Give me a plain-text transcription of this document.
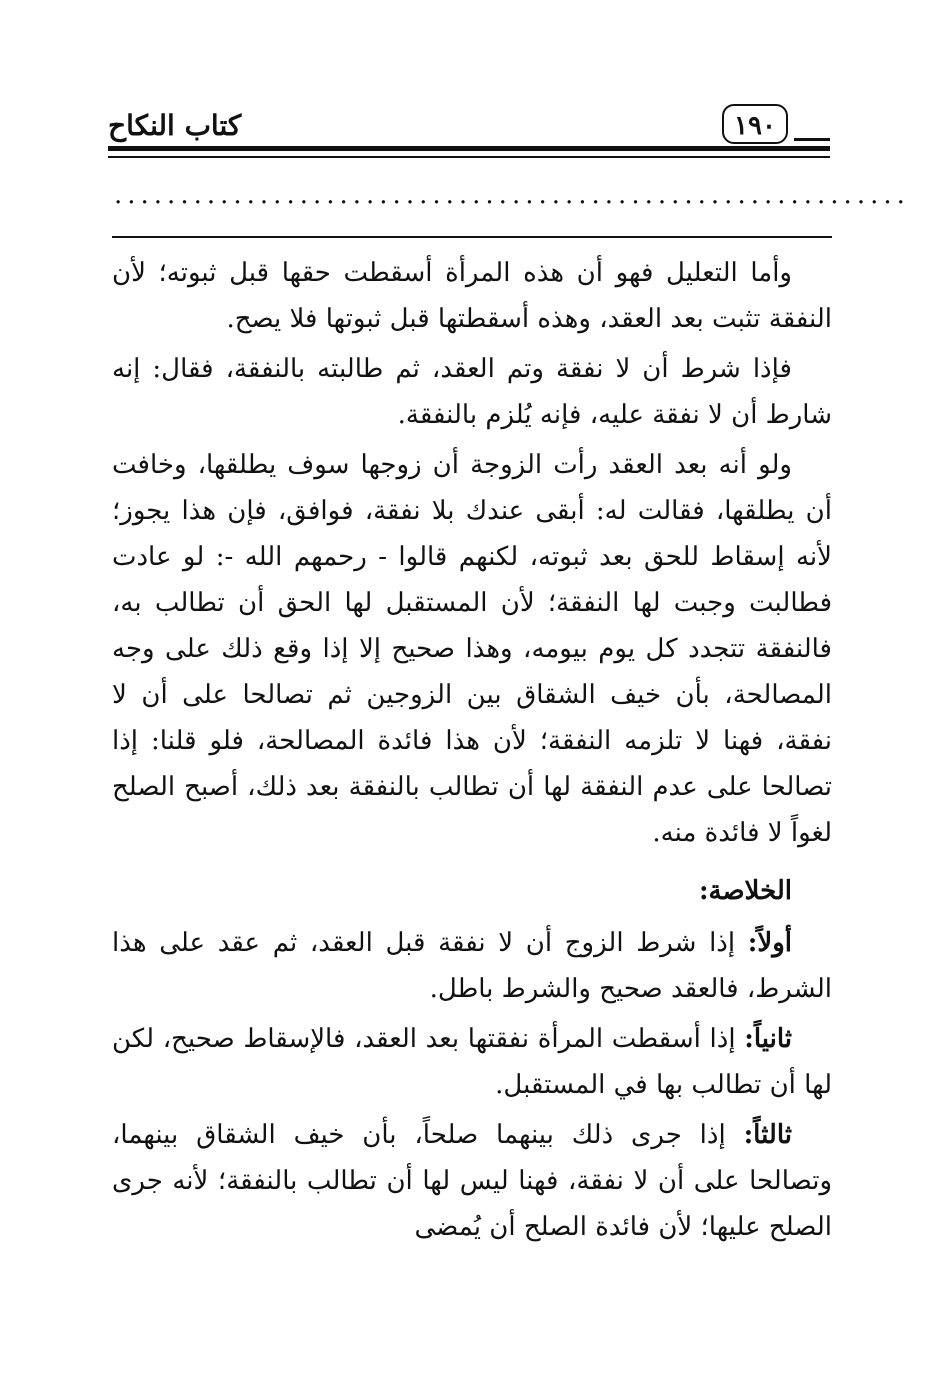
كتاب النكاح	١٩٠
............................................................

وأما التعليل فهو أن هذه المرأة أسقطت حقها قبل ثبوته؛ لأن النفقة تثبت بعد العقد، وهذه أسقطتها قبل ثبوتها فلا يصح.

فإذا شرط أن لا نفقة وتم العقد، ثم طالبته بالنفقة، فقال: إنه شارط أن لا نفقة عليه، فإنه يُلزم بالنفقة.

ولو أنه بعد العقد رأت الزوجة أن زوجها سوف يطلقها، وخافت أن يطلقها، فقالت له: أبقى عندك بلا نفقة، فوافق، فإن هذا يجوز؛ لأنه إسقاط للحق بعد ثبوته، لكنهم قالوا - رحمهم الله -: لو عادت فطالبت وجبت لها النفقة؛ لأن المستقبل لها الحق أن تطالب به، فالنفقة تتجدد كل يوم بيومه، وهذا صحيح إلا إذا وقع ذلك على وجه المصالحة، بأن خيف الشقاق بين الزوجين ثم تصالحا على أن لا نفقة، فهنا لا تلزمه النفقة؛ لأن هذا فائدة المصالحة، فلو قلنا: إذا تصالحا على عدم النفقة لها أن تطالب بالنفقة بعد ذلك، أصبح الصلح لغواً لا فائدة منه.

الخلاصة:

أولاً: إذا شرط الزوج أن لا نفقة قبل العقد، ثم عقد على هذا الشرط، فالعقد صحيح والشرط باطل.

ثانياً: إذا أسقطت المرأة نفقتها بعد العقد، فالإسقاط صحيح، لكن لها أن تطالب بها في المستقبل.

ثالثاً: إذا جرى ذلك بينهما صلحاً، بأن خيف الشقاق بينهما، وتصالحا على أن لا نفقة، فهنا ليس لها أن تطالب بالنفقة؛ لأنه جرى الصلح عليها؛ لأن فائدة الصلح أن يُمضى
